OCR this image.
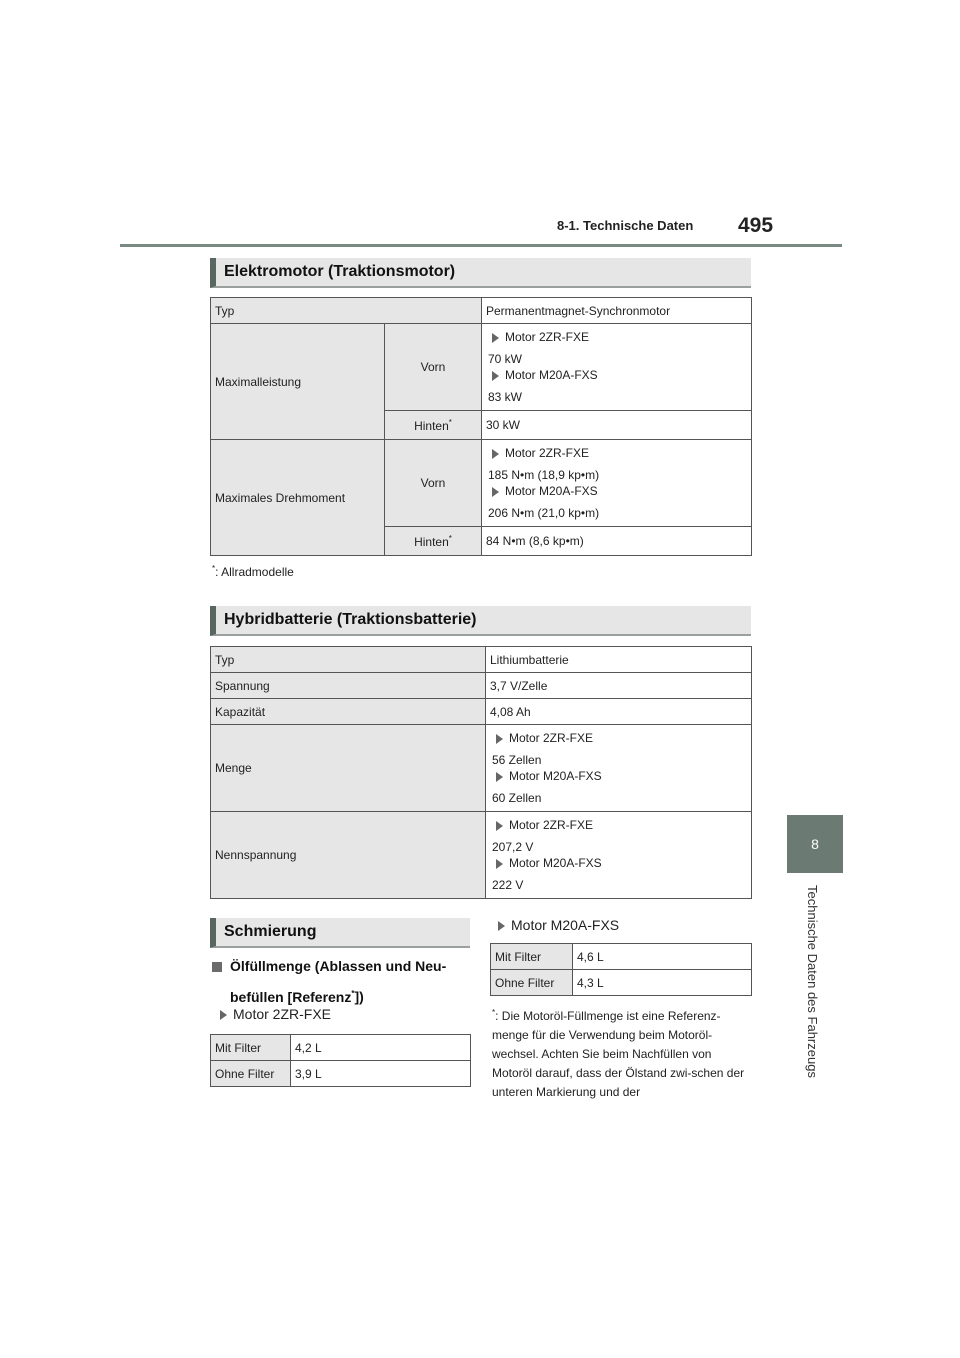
8-1. Technische Daten 495
8
Technische Daten des Fahrzeugs
Elektromotor (Traktionsmotor)
Typ		Permanentmagnet-Synchronmotor
Maximalleistung	Vorn	Motor 2ZR-FXE
70 kW
Motor M20A-FXS
83 kW

	Hinten*	30 kW
Maximales Drehmoment	Vorn	Motor 2ZR-FXE
185 N•m (18,9 kp•m)
Motor M20A-FXS
206 N•m (21,0 kp•m)

	Hinten*	84 N•m (8,6 kp•m)
*: Allradmodelle
Hybridbatterie (Traktionsbatterie)
Typ	Lithiumbatterie
Spannung	3,7 V/Zelle
Kapazität	4,08 Ah
Menge	Motor 2ZR-FXE
56 Zellen
Motor M20A-FXS
60 Zellen

Nennspannung	Motor 2ZR-FXE
207,2 V
Motor M20A-FXS
222 V
Schmierung
Ölfüllmenge (Ablassen und Neu-
befüllen [Referenz*])
Motor 2ZR-FXE
Mit Filter	4,2 L
Ohne Filter	3,9 L
Motor M20A-FXS
Mit Filter	4,6 L
Ohne Filter	4,3 L
*: Die Motoröl-Füllmenge ist eine Referenz-menge für die Verwendung beim Motoröl-wechsel. Achten Sie beim Nachfüllen von Motoröl darauf, dass der Ölstand zwi-schen der unteren Markierung und der
